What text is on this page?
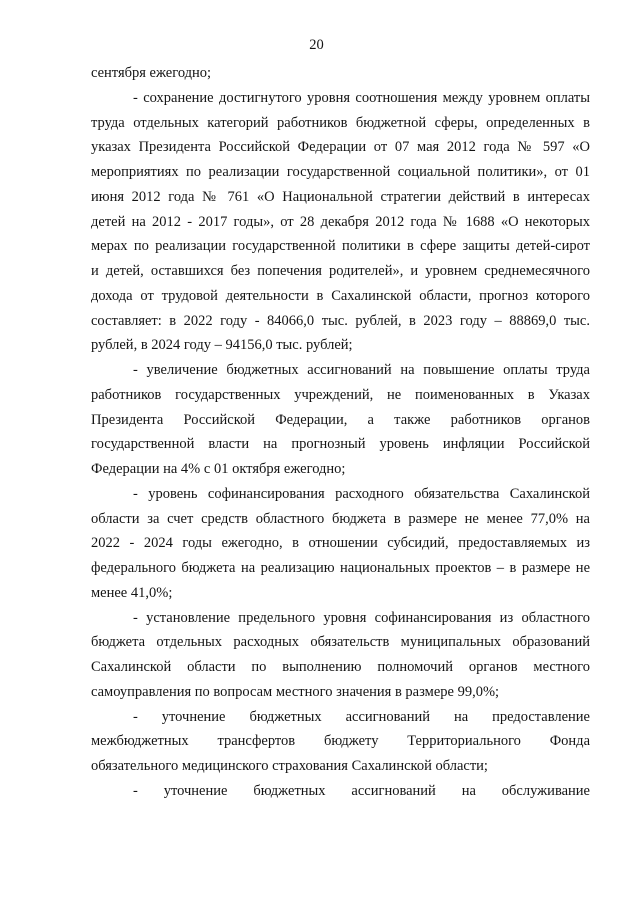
20
сентября ежегодно;
- сохранение достигнутого уровня соотношения между уровнем оплаты
труда отдельных категорий работников бюджетной сферы, определенных в
указах Президента Российской Федерации от 07 мая 2012 года № 597 «О
мероприятиях по реализации государственной социальной политики», от 01
июня 2012 года № 761 «О Национальной стратегии действий в интересах
детей на 2012 - 2017 годы», от 28 декабря 2012 года № 1688 «О некоторых
мерах по реализации государственной политики в сфере защиты детей-сирот
и детей, оставшихся без попечения родителей», и уровнем среднемесячного
дохода от трудовой деятельности в Сахалинской области, прогноз которого
составляет: в 2022 году - 84066,0 тыс. рублей, в 2023 году – 88869,0 тыс.
рублей, в 2024 году – 94156,0 тыс. рублей;
- увеличение бюджетных ассигнований на повышение оплаты труда
работников государственных учреждений, не поименованных в Указах
Президента Российской Федерации, а также работников органов
государственной власти на прогнозный уровень инфляции Российской
Федерации на 4% с 01 октября ежегодно;
- уровень софинансирования расходного обязательства Сахалинской
области за счет средств областного бюджета в размере не менее 77,0% на
2022 - 2024 годы ежегодно, в отношении субсидий, предоставляемых из
федерального бюджета на реализацию национальных проектов – в размере не
менее 41,0%;
- установление предельного уровня софинансирования из областного
бюджета отдельных расходных обязательств муниципальных образований
Сахалинской области по выполнению полномочий органов местного
самоуправления по вопросам местного значения в размере 99,0%;
- уточнение бюджетных ассигнований на предоставление
межбюджетных трансфертов бюджету Территориального Фонда
обязательного медицинского страхования Сахалинской области;
- уточнение бюджетных ассигнований на обслуживание
